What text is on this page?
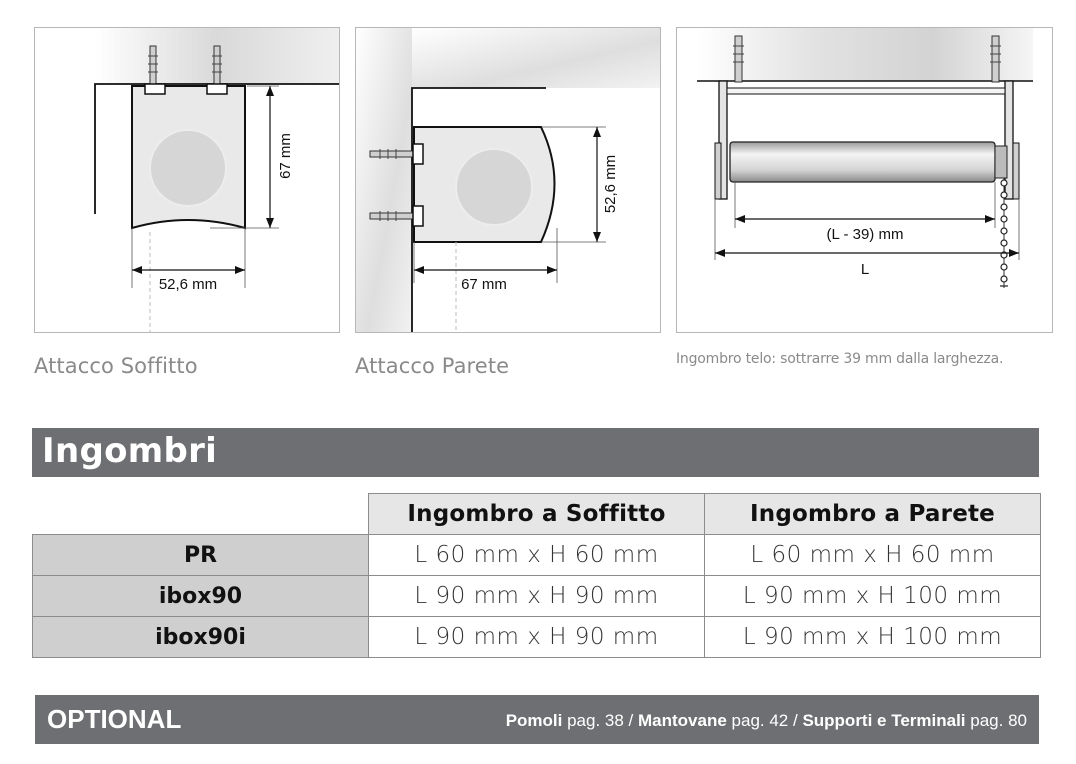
67 mm
52,6 mm
52,6 mm
67 mm
(L - 39) mm
L
Attacco Soffitto	Attacco Parete	Ingombro telo: sottrarre 39 mm dalla larghezza.
Ingombri
	Ingombro a Soffitto	Ingombro a Parete
PR	L 60 mm x H 60 mm	L 60 mm x H 60 mm
ibox90	L 90 mm x H 90 mm	L 90 mm x H 100 mm
ibox90i	L 90 mm x H 90 mm	L 90 mm x H 100 mm
OPTIONAL	Pomoli pag. 38 / Mantovane pag. 42 / Supporti e Terminali pag. 80
